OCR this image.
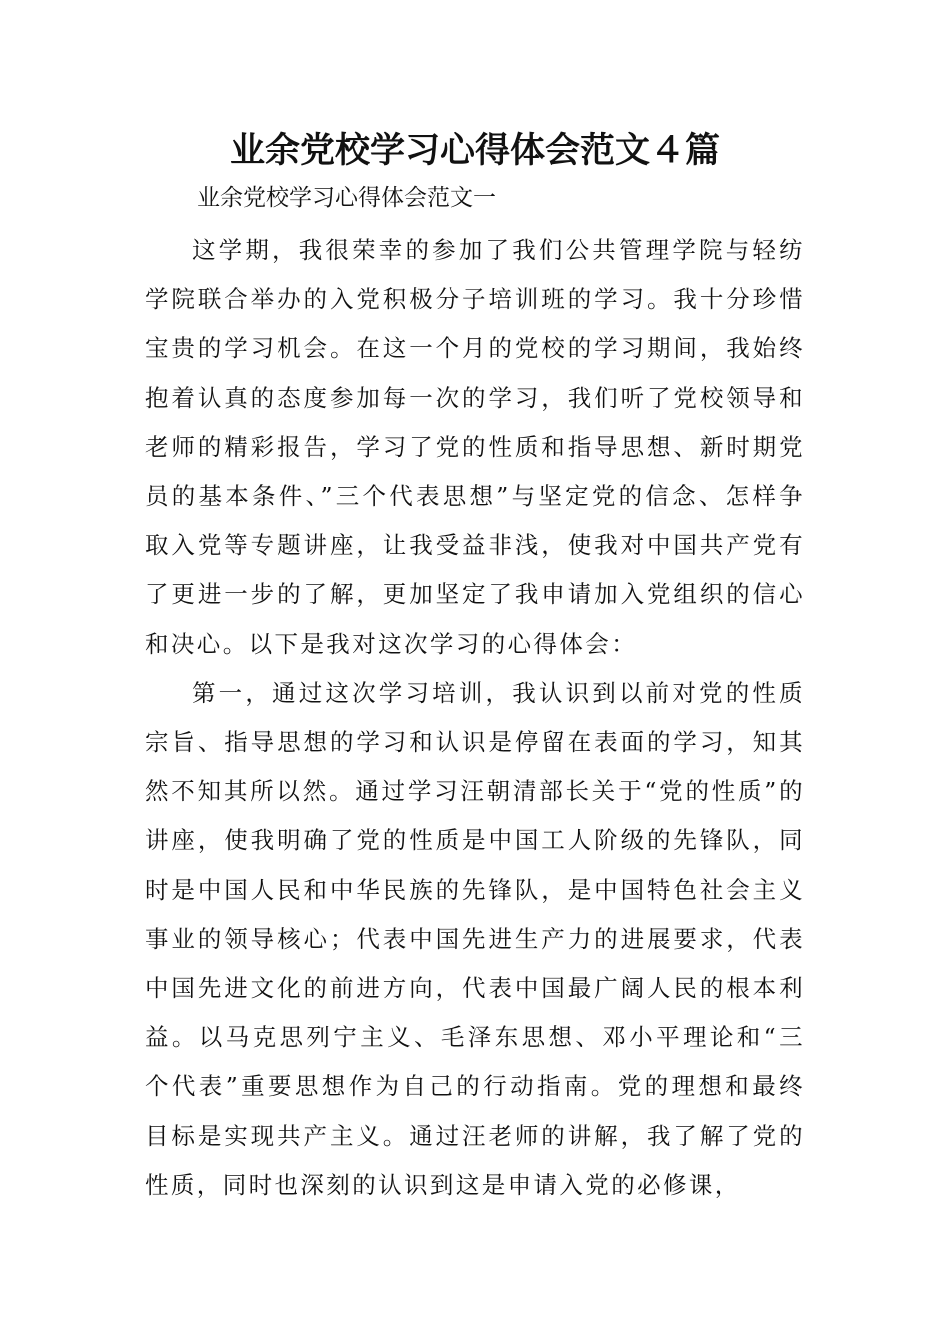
业余党校学习心得体会范文４篇

业余党校学习心得体会范文一

这学期，我很荣幸的参加了我们公共管理学院与轻纺学院联合举办的入党积极分子培训班的学习。我十分珍惜宝贵的学习机会。在这一个月的党校的学习期间，我始终抱着认真的态度参加每一次的学习，我们听了党校领导和老师的精彩报告，学习了党的性质和指导思想、新时期党员的基本条件、”三个代表思想”与坚定党的信念、怎样争取入党等专题讲座，让我受益非浅，使我对中国共产党有了更进一步的了解，更加坚定了我申请加入党组织的信心和决心。以下是我对这次学习的心得体会：

第一，通过这次学习培训，我认识到以前对党的性质宗旨、指导思想的学习和认识是停留在表面的学习，知其然不知其所以然。通过学习汪朝清部长关于“党的性质”的讲座，使我明确了党的性质是中国工人阶级的先锋队，同时是中国人民和中华民族的先锋队，是中国特色社会主义事业的领导核心；代表中国先进生产力的进展要求，代表中国先进文化的前进方向，代表中国最广阔人民的根本利益。以马克思列宁主义、毛泽东思想、邓小平理论和“三个代表”重要思想作为自己的行动指南。党的理想和最终目标是实现共产主义。通过汪老师的讲解，我了解了党的性质，同时也深刻的认识到这是申请入党的必修课，
